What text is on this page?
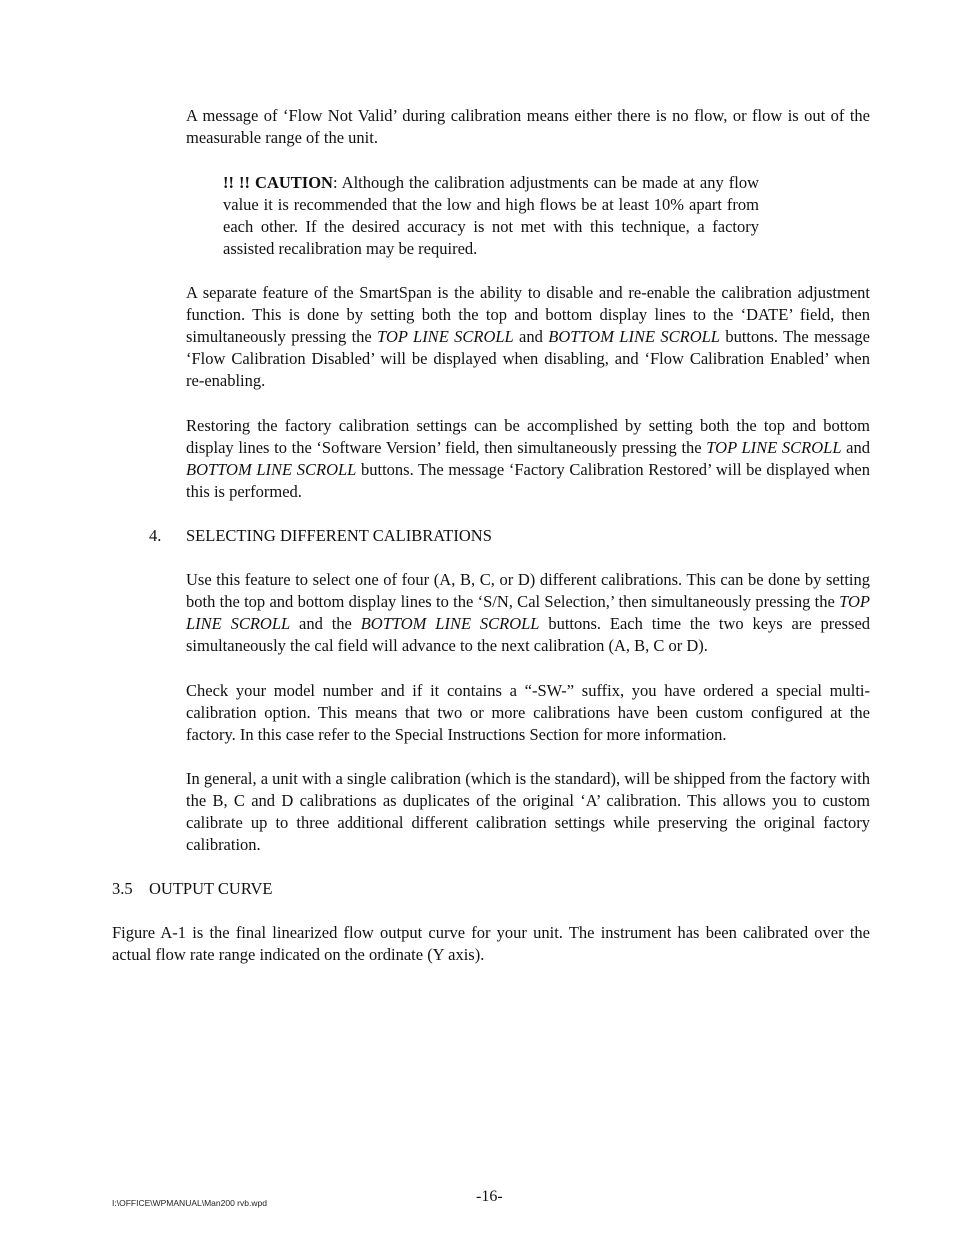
A message of ‘Flow Not Valid’ during calibration means either there is no flow, or flow is out of the measurable range of the unit.

!! !! CAUTION: Although the calibration adjustments can be made at any flow value it is recommended that the low and high flows be at least 10% apart from each other. If the desired accuracy is not met with this technique, a factory assisted recalibration may be required.

A separate feature of the SmartSpan is the ability to disable and re-enable the calibration adjustment function. This is done by setting both the top and bottom display lines to the ‘DATE’ field, then simultaneously pressing the TOP LINE SCROLL and BOTTOM LINE SCROLL buttons. The message ‘Flow Calibration Disabled’ will be displayed when disabling, and ‘Flow Calibration Enabled’ when re-enabling.

Restoring the factory calibration settings can be accomplished by setting both the top and bottom display lines to the ‘Software Version’ field, then simultaneously pressing the TOP LINE SCROLL and BOTTOM LINE SCROLL buttons. The message ‘Factory Calibration Restored’ will be displayed when this is performed.

4. SELECTING DIFFERENT CALIBRATIONS

Use this feature to select one of four (A, B, C, or D) different calibrations. This can be done by setting both the top and bottom display lines to the ‘S/N, Cal Selection,’ then simultaneously pressing the TOP LINE SCROLL and the BOTTOM LINE SCROLL buttons. Each time the two keys are pressed simultaneously the cal field will advance to the next calibration (A, B, C or D).

Check your model number and if it contains a “-SW-” suffix, you have ordered a special multi-calibration option. This means that two or more calibrations have been custom configured at the factory. In this case refer to the Special Instructions Section for more information.

In general, a unit with a single calibration (which is the standard), will be shipped from the factory with the B, C and D calibrations as duplicates of the original ‘A’ calibration. This allows you to custom calibrate up to three additional different calibration settings while preserving the original factory calibration.

3.5 OUTPUT CURVE

Figure A-1 is the final linearized flow output curve for your unit. The instrument has been calibrated over the actual flow rate range indicated on the ordinate (Y axis).

I:\OFFICE\WPMANUAL\Man200 rvb.wpd	-16-
